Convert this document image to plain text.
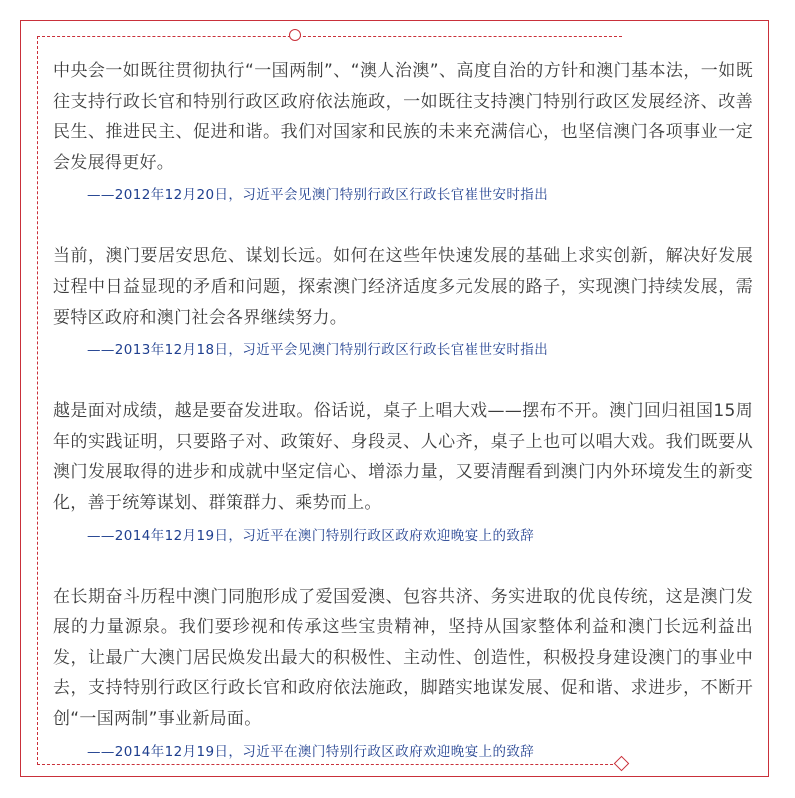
中央会一如既往贯彻执行“一国两制”、“澳人治澳”、高度自治的方针和澳门基本法，一如既往支持行政长官和特别行政区政府依法施政，一如既往支持澳门特别行政区发展经济、改善民生、推进民主、促进和谐。我们对国家和民族的未来充满信心，也坚信澳门各项事业一定会发展得更好。

——2012年12月20日，习近平会见澳门特别行政区行政长官崔世安时指出

当前，澳门要居安思危、谋划长远。如何在这些年快速发展的基础上求实创新，解决好发展过程中日益显现的矛盾和问题，探索澳门经济适度多元发展的路子，实现澳门持续发展，需要特区政府和澳门社会各界继续努力。

——2013年12月18日，习近平会见澳门特别行政区行政长官崔世安时指出

越是面对成绩，越是要奋发进取。俗话说，桌子上唱大戏——摆布不开。澳门回归祖国15周年的实践证明，只要路子对、政策好、身段灵、人心齐，桌子上也可以唱大戏。我们既要从澳门发展取得的进步和成就中坚定信心、增添力量，又要清醒看到澳门内外环境发生的新变化，善于统筹谋划、群策群力、乘势而上。

——2014年12月19日，习近平在澳门特别行政区政府欢迎晚宴上的致辞

在长期奋斗历程中澳门同胞形成了爱国爱澳、包容共济、务实进取的优良传统，这是澳门发展的力量源泉。我们要珍视和传承这些宝贵精神，坚持从国家整体利益和澳门长远利益出发，让最广大澳门居民焕发出最大的积极性、主动性、创造性，积极投身建设澳门的事业中去，支持特别行政区行政长官和政府依法施政，脚踏实地谋发展、促和谐、求进步，不断开创“一国两制”事业新局面。

——2014年12月19日，习近平在澳门特别行政区政府欢迎晚宴上的致辞
